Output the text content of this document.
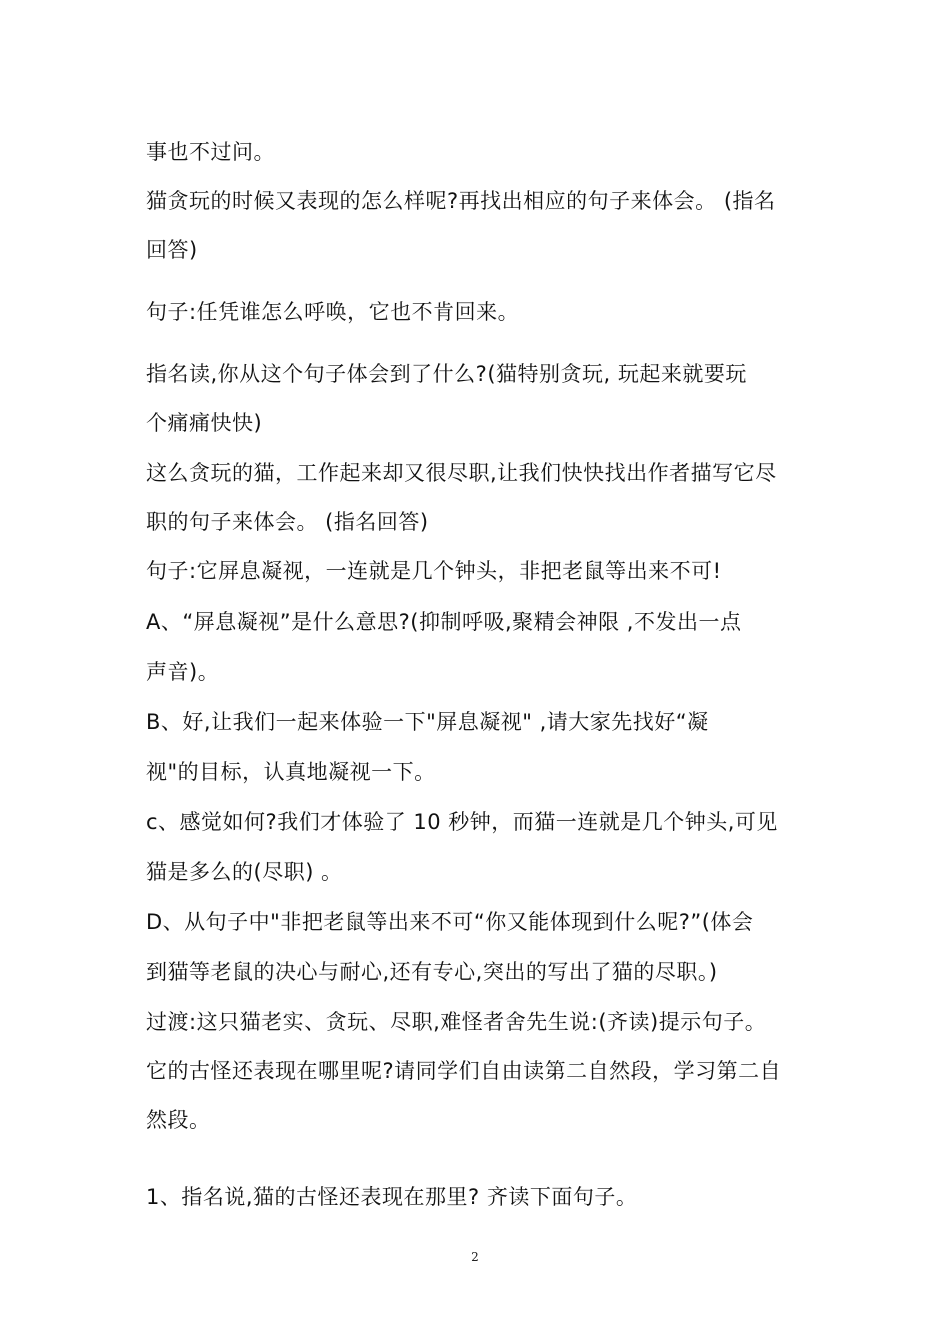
事也不过问。
猫贪玩的时候又表现的怎么样呢?再找出相应的句子来体会。 (指名
回答)
句子:任凭谁怎么呼唤，它也不肯回来。
指名读,你从这个句子体会到了什么?(猫特别贪玩, 玩起来就要玩
个痛痛快快)
这么贪玩的猫，工作起来却又很尽职,让我们快快找出作者描写它尽
职的句子来体会。 (指名回答)
句子:它屏息凝视，一连就是几个钟头，非把老鼠等出来不可!
A、“屏息凝视”是什么意思?(抑制呼吸,聚精会神限 ,不发出一点
声音)。
B、好,让我们一起来体验一下"屏息凝视" ,请大家先找好“凝
视"的目标，认真地凝视一下。
c、感觉如何?我们才体验了 10 秒钟，而猫一连就是几个钟头,可见
猫是多么的(尽职) 。
D、从句子中"非把老鼠等出来不可“你又能体现到什么呢?”(体会
到猫等老鼠的决心与耐心,还有专心,突出的写出了猫的尽职。)
过渡:这只猫老实、贪玩、尽职,难怪者舍先生说:(齐读)提示句子。
它的古怪还表现在哪里呢?请同学们自由读第二自然段，学习第二自
然段。
1、指名说,猫的古怪还表现在那里? 齐读下面句子。
2
